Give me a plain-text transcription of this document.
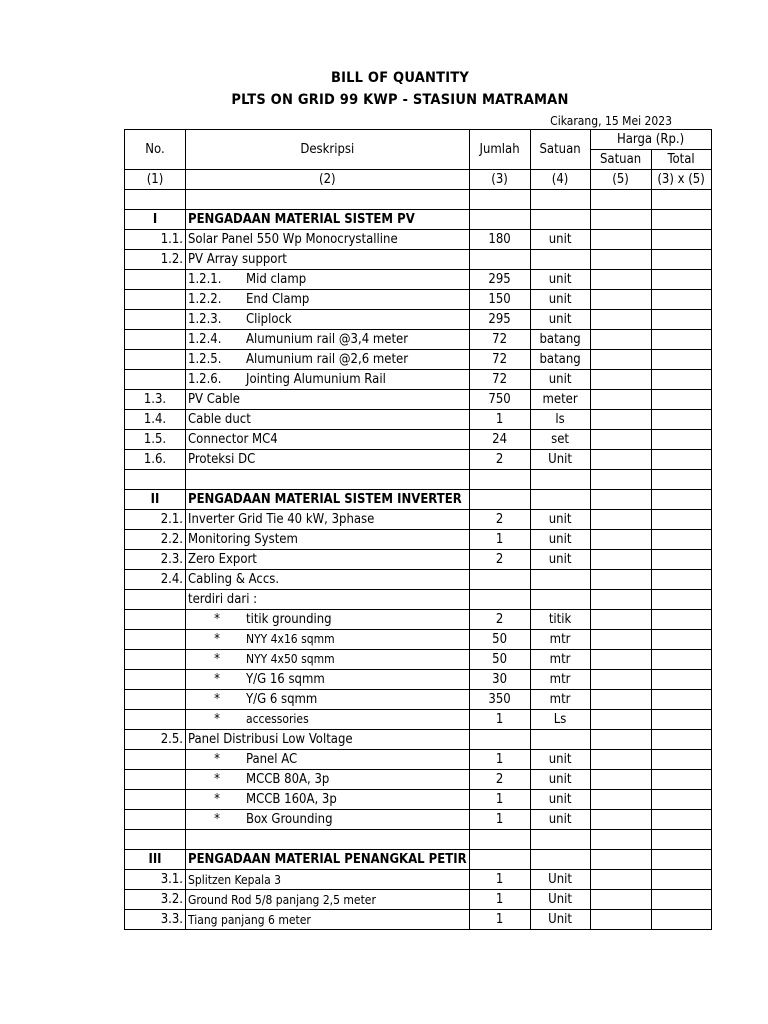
BILL OF QUANTITY
PLTS ON GRID 99 KWP - STASIUN MATRAMAN
Cikarang, 15 Mei 2023
No.	Deskripsi	Jumlah	Satuan	Harga (Rp.)	
				Satuan	Total
(1)	(2)	(3)	(4)	(5)	(3) x (5)

I	PENGADAAN MATERIAL SISTEM PV				
1.1.	Solar Panel 550 Wp Monocrystalline	180	unit		
1.2.	PV Array support				
	1.2.1. Mid clamp	295	unit		
	1.2.2. End Clamp	150	unit		
	1.2.3. Cliplock	295	unit		
	1.2.4. Alumunium rail @3,4 meter	72	batang		
	1.2.5. Alumunium rail @2,6 meter	72	batang		
	1.2.6. Jointing Alumunium Rail	72	unit		
1.3.	PV Cable	750	meter		
1.4.	Cable duct	1	ls		
1.5.	Connector MC4	24	set		
1.6.	Proteksi DC	2	Unit		

II	PENGADAAN MATERIAL SISTEM INVERTER				
2.1.	Inverter Grid Tie 40 kW, 3phase	2	unit		
2.2.	Monitoring System	1	unit		
2.3.	Zero Export	2	unit		
2.4.	Cabling & Accs.				
	terdiri dari :				
	* titik grounding	2	titik		
	* NYY 4x16 sqmm	50	mtr		
	* NYY 4x50 sqmm	50	mtr		
	* Y/G 16 sqmm	30	mtr		
	* Y/G 6 sqmm	350	mtr		
	* accessories	1	Ls		
2.5.	Panel Distribusi Low Voltage				
	* Panel AC	1	unit		
	* MCCB 80A, 3p	2	unit		
	* MCCB 160A, 3p	1	unit		
	* Box Grounding	1	unit		

III	PENGADAAN MATERIAL PENANGKAL PETIR				
3.1.	Splitzen Kepala 3	1	Unit		
3.2.	Ground Rod 5/8 panjang 2,5 meter	1	Unit		
3.3.	Tiang panjang 6 meter	1	Unit		
